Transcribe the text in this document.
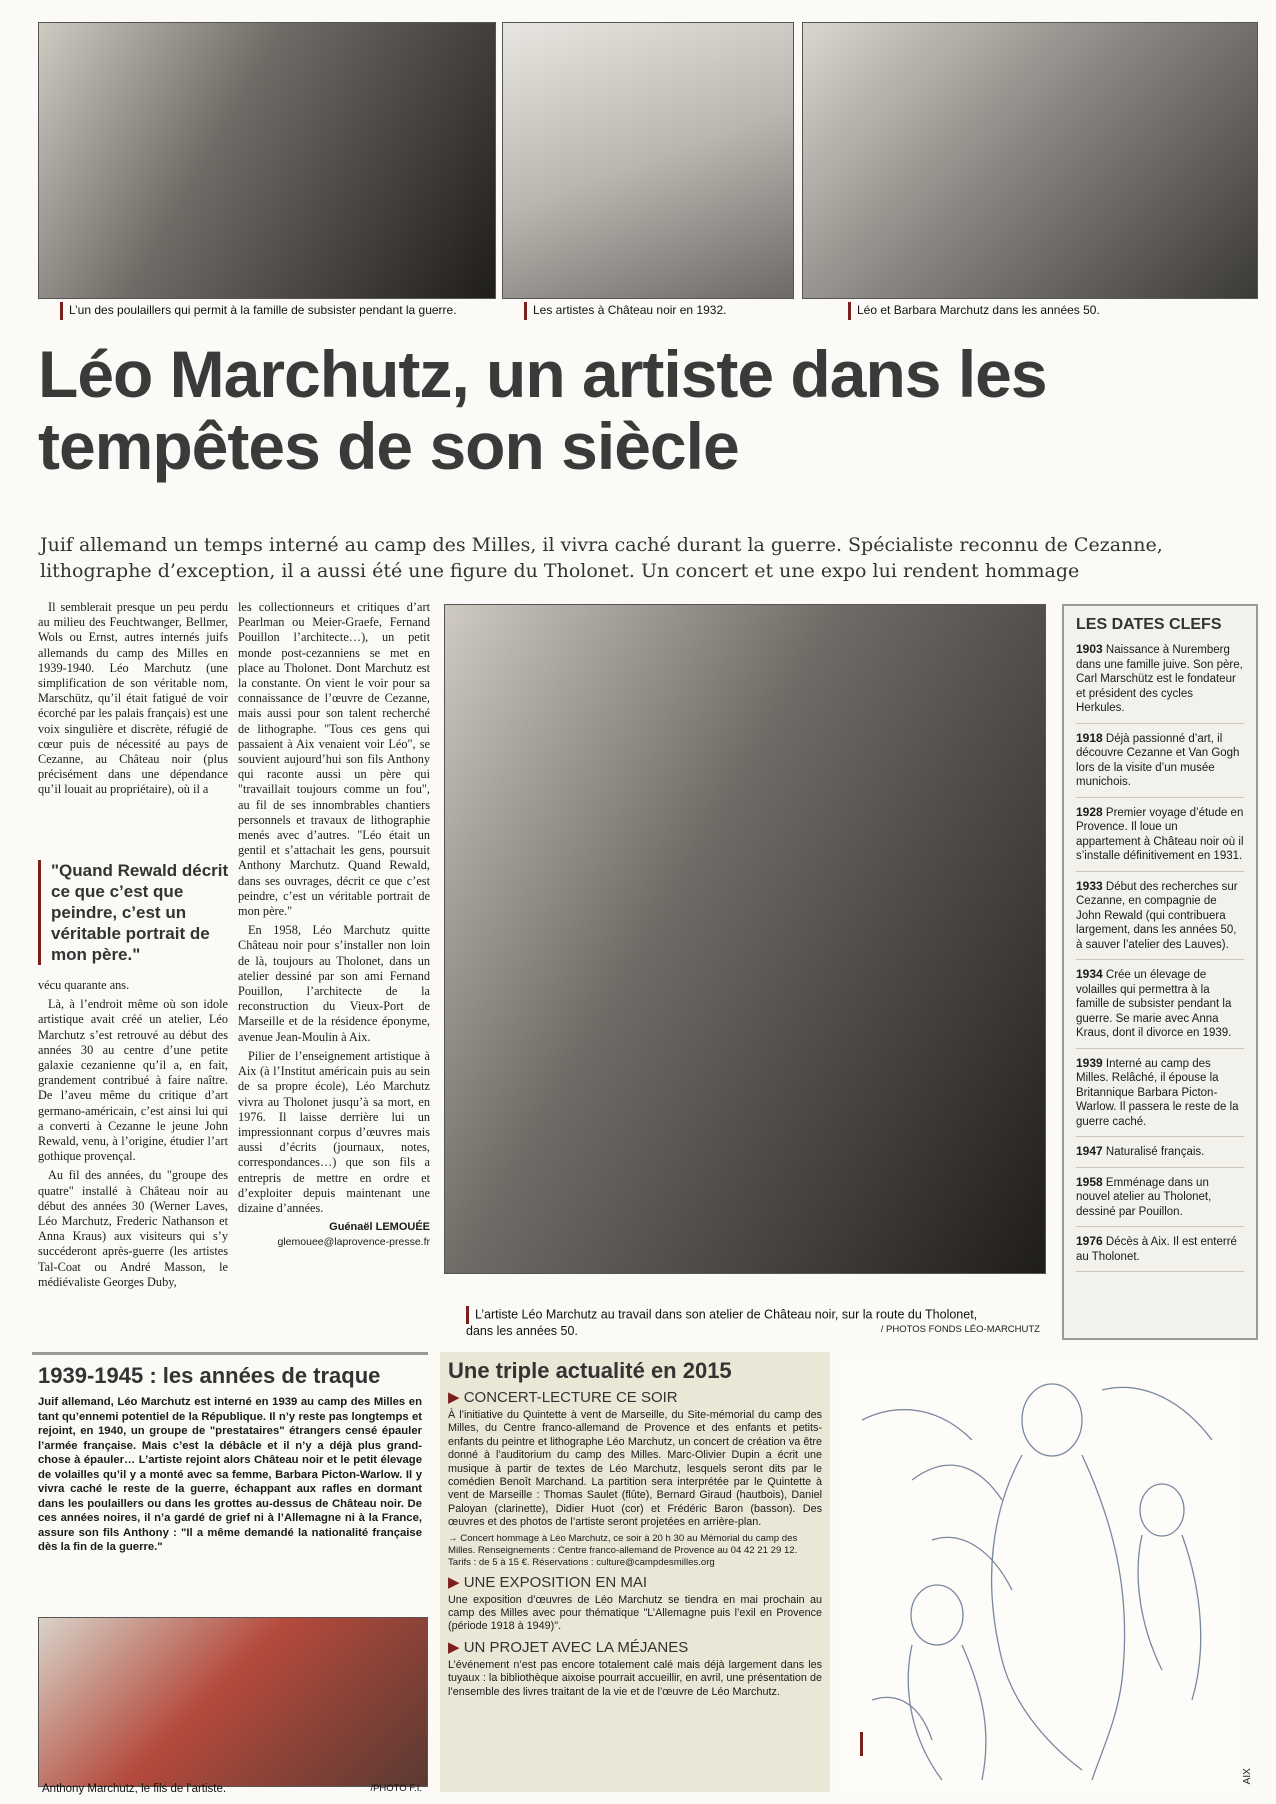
L’un des poulaillers qui permit à la famille de subsister pendant la guerre.	Les artistes à Château noir en 1932.	Léo et Barbara Marchutz dans les années 50.
Léo Marchutz, un artiste dans les tempêtes de son siècle
Juif allemand un temps interné au camp des Milles, il vivra caché durant la guerre. Spécialiste reconnu de Cezanne, lithographe d’exception, il a aussi été une figure du Tholonet. Un concert et une expo lui rendent hommage

Il semblerait presque un peu perdu au milieu des Feuchtwanger, Bellmer, Wols ou Ernst, autres internés juifs allemands du camp des Milles en 1939-1940. Léo Marchutz (une simplification de son véritable nom, Marschütz, qu’il était fatigué de voir écorché par les palais français) est une voix singulière et discrète, réfugié de cœur puis de nécessité au pays de Cezanne, au Château noir (plus précisément dans une dépendance qu’il louait au propriétaire), où il a

"Quand Rewald décrit ce que c’est que peindre, c’est un véritable portrait de mon père."

vécu quarante ans.

Là, à l’endroit même où son idole artistique avait créé un atelier, Léo Marchutz s’est retrouvé au début des années 30 au centre d’une petite galaxie cezanienne qu’il a, en fait, grandement contribué à faire naître. De l’aveu même du critique d’art germano-américain, c’est ainsi lui qui a converti à Cezanne le jeune John Rewald, venu, à l’origine, étudier l’art gothique provençal.

Au fil des années, du "groupe des quatre" installé à Château noir au début des années 30 (Werner Laves, Léo Marchutz, Frederic Nathanson et Anna Kraus) aux visiteurs qui s’y succéderont après-guerre (les artistes Tal-Coat ou André Masson, le médiévaliste Georges Duby,

les collectionneurs et critiques d’art Pearlman ou Meier-Graefe, Fernand Pouillon l’architecte…), un petit monde post-cezanniens se met en place au Tholonet. Dont Marchutz est la constante. On vient le voir pour sa connaissance de l’œuvre de Cezanne, mais aussi pour son talent recherché de lithographe. "Tous ces gens qui passaient à Aix venaient voir Léo", se souvient aujourd’hui son fils Anthony qui raconte aussi un père qui "travaillait toujours comme un fou", au fil de ses innombrables chantiers personnels et travaux de lithographie menés avec d’autres. "Léo était un gentil et s’attachait les gens, poursuit Anthony Marchutz. Quand Rewald, dans ses ouvrages, décrit ce que c’est peindre, c’est un véritable portrait de mon père."

En 1958, Léo Marchutz quitte Château noir pour s’installer non loin de là, toujours au Tholonet, dans un atelier dessiné par son ami Fernand Pouillon, l’architecte de la reconstruction du Vieux-Port de Marseille et de la résidence éponyme, avenue Jean-Moulin à Aix.

Pilier de l’enseignement artistique à Aix (à l’Institut américain puis au sein de sa propre école), Léo Marchutz vivra au Tholonet jusqu’à sa mort, en 1976. Il laisse derrière lui un impressionnant corpus d’œuvres mais aussi d’écrits (journaux, notes, correspondances…) que son fils a entrepris de mettre en ordre et d’exploiter depuis maintenant une dizaine d’années.

Guénaël LEMOUÉE
glemouee@laprovence-presse.fr
L’artiste Léo Marchutz au travail dans son atelier de Château noir, sur la route du Tholonet, dans les années 50.	/ PHOTOS FONDS LÉO-MARCHUTZ
LES DATES CLEFS
1903 Naissance à Nuremberg dans une famille juive. Son père, Carl Marschütz est le fondateur et président des cycles Herkules.
1918 Déjà passionné d’art, il découvre Cezanne et Van Gogh lors de la visite d’un musée munichois.
1928 Premier voyage d’étude en Provence. Il loue un appartement à Château noir où il s’installe définitivement en 1931.
1933 Début des recherches sur Cezanne, en compagnie de John Rewald (qui contribuera largement, dans les années 50, à sauver l’atelier des Lauves).
1934 Crée un élevage de volailles qui permettra à la famille de subsister pendant la guerre. Se marie avec Anna Kraus, dont il divorce en 1939.
1939 Interné au camp des Milles. Relâché, il épouse la Britannique Barbara Picton-Warlow. Il passera le reste de la guerre caché.
1947 Naturalisé français.
1958 Emménage dans un nouvel atelier au Tholonet, dessiné par Pouillon.
1976 Décès à Aix. Il est enterré au Tholonet.
1939-1945 : les années de traque
Juif allemand, Léo Marchutz est interné en 1939 au camp des Milles en tant qu’ennemi potentiel de la République. Il n’y reste pas longtemps et rejoint, en 1940, un groupe de "prestataires" étrangers censé épauler l’armée française. Mais c’est la débâcle et il n’y a déjà plus grand-chose à épauler… L’artiste rejoint alors Château noir et le petit élevage de volailles qu’il y a monté avec sa femme, Barbara Picton-Warlow. Il y vivra caché le reste de la guerre, échappant aux rafles en dormant dans les poulaillers ou dans les grottes au-dessus de Château noir. De ces années noires, il n’a gardé de grief ni à l’Allemagne ni à la France, assure son fils Anthony : "Il a même demandé la nationalité française dès la fin de la guerre."
Anthony Marchutz, le fils de l’artiste.	/PHOTO F.I.
Une triple actualité en 2015
▶ CONCERT-LECTURE CE SOIR
À l’initiative du Quintette à vent de Marseille, du Site-mémorial du camp des Milles, du Centre franco-allemand de Provence et des enfants et petits-enfants du peintre et lithographe Léo Marchutz, un concert de création va être donné à l’auditorium du camp des Milles. Marc-Olivier Dupin a écrit une musique à partir de textes de Léo Marchutz, lesquels seront dits par le comédien Benoît Marchand. La partition sera interprétée par le Quintette à vent de Marseille : Thomas Saulet (flûte), Bernard Giraud (hautbois), Daniel Paloyan (clarinette), Didier Huot (cor) et Frédéric Baron (basson). Des œuvres et des photos de l’artiste seront projetées en arrière-plan.
→ Concert hommage à Léo Marchutz, ce soir à 20 h 30 au Mémorial du camp des Milles. Renseignements : Centre franco-allemand de Provence au 04 42 21 29 12. Tarifs : de 5 à 15 €. Réservations : culture@campdesmilles.org
▶ UNE EXPOSITION EN MAI
Une exposition d’œuvres de Léo Marchutz se tiendra en mai prochain au camp des Milles avec pour thématique "L’Allemagne puis l’exil en Provence (période 1918 à 1949)".
▶ UN PROJET AVEC LA MÉJANES
L’événement n’est pas encore totalement calé mais déjà largement dans les tuyaux : la bibliothèque aixoise pourrait accueillir, en avril, une présentation de l’ensemble des livres traitant de la vie et de l’œuvre de Léo Marchutz.
AIX
